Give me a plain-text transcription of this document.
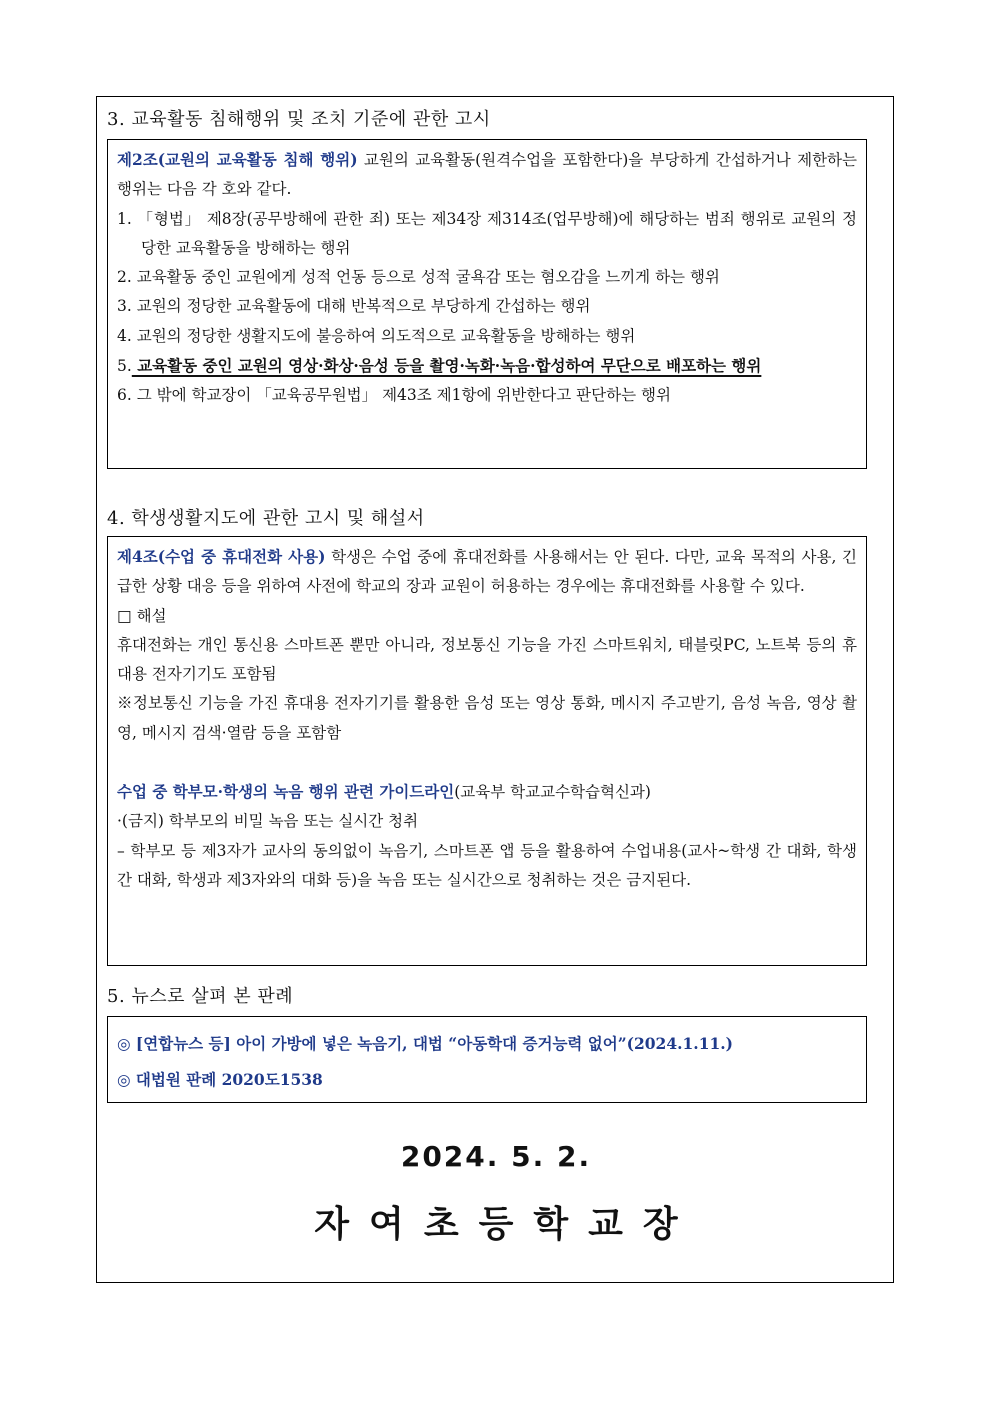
3. 교육활동 침해행위 및 조치 기준에 관한 고시

제2조(교원의 교육활동 침해 행위) 교원의 교육활동(원격수업을 포함한다)을 부당하게 간섭하거나 제한하는 행위는 다음 각 호와 같다.

1. 「형법」 제8장(공무방해에 관한 죄) 또는 제34장 제314조(업무방해)에 해당하는 범죄 행위로 교원의 정당한 교육활동을 방해하는 행위

2. 교육활동 중인 교원에게 성적 언동 등으로 성적 굴욕감 또는 혐오감을 느끼게 하는 행위

3. 교원의 정당한 교육활동에 대해 반복적으로 부당하게 간섭하는 행위

4. 교원의 정당한 생활지도에 불응하여 의도적으로 교육활동을 방해하는 행위

5. 교육활동 중인 교원의 영상·화상·음성 등을 촬영·녹화·녹음·합성하여 무단으로 배포하는 행위

6. 그 밖에 학교장이 「교육공무원법」 제43조 제1항에 위반한다고 판단하는 행위

4. 학생생활지도에 관한 고시 및 해설서

제4조(수업 중 휴대전화 사용) 학생은 수업 중에 휴대전화를 사용해서는 안 된다. 다만, 교육 목적의 사용, 긴급한 상황 대응 등을 위하여 사전에 학교의 장과 교원이 허용하는 경우에는 휴대전화를 사용할 수 있다.

□ 해설

휴대전화는 개인 통신용 스마트폰 뿐만 아니라, 정보통신 기능을 가진 스마트워치, 태블릿PC, 노트북 등의 휴대용 전자기기도 포함됨

※정보통신 기능을 가진 휴대용 전자기기를 활용한 음성 또는 영상 통화, 메시지 주고받기, 음성 녹음, 영상 촬영, 메시지 검색·열람 등을 포함함

수업 중 학부모·학생의 녹음 행위 관련 가이드라인(교육부 학교교수학습혁신과)

·(금지) 학부모의 비밀 녹음 또는 실시간 청취

– 학부모 등 제3자가 교사의 동의없이 녹음기, 스마트폰 앱 등을 활용하여 수업내용(교사~학생 간 대화, 학생 간 대화, 학생과 제3자와의 대화 등)을 녹음 또는 실시간으로 청취하는 것은 금지된다.

5. 뉴스로 살펴 본 판례

◎ [연합뉴스 등] 아이 가방에 넣은 녹음기, 대법 “아동학대 증거능력 없어”(2024.1.11.)

◎ 대법원 판례 2020도1538

2024. 5. 2.
자여초등학교장
